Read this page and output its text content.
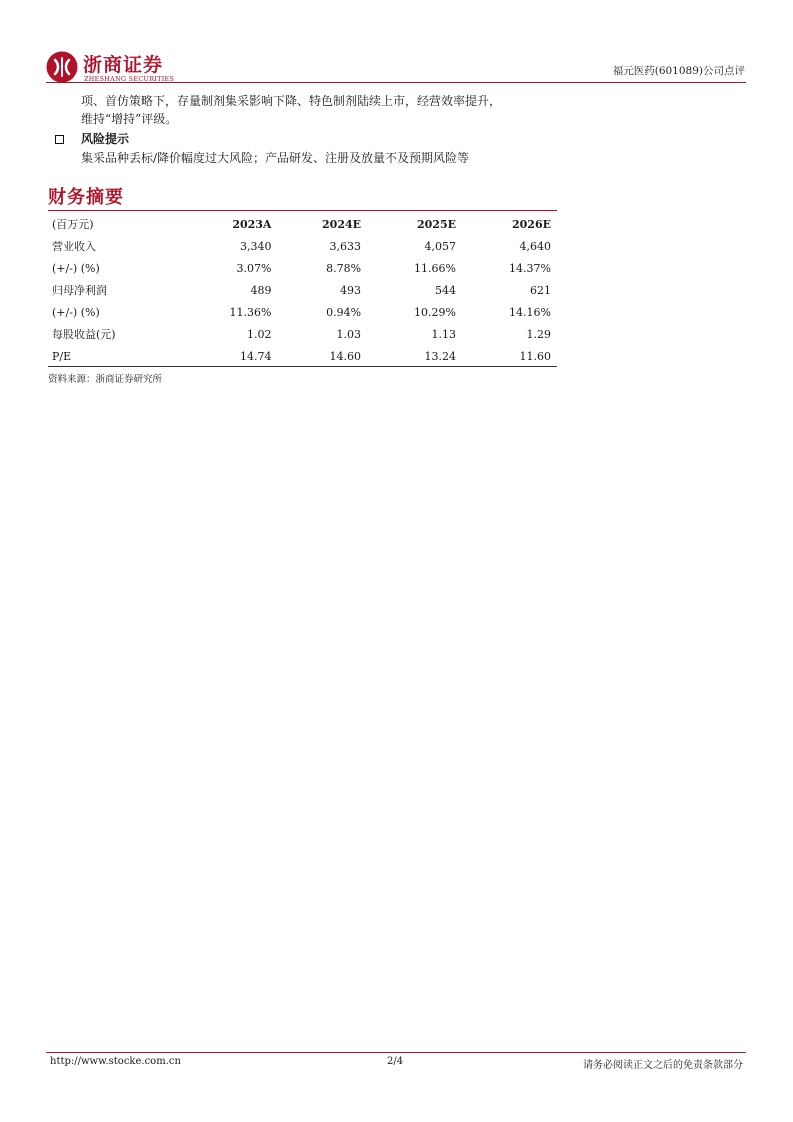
浙商证券
ZHESHANG SECURITIES
福元医药(601089)公司点评
项、首仿策略下，存量制剂集采影响下降、特色制剂陆续上市，经营效率提升，
维持“增持”评级。
风险提示
集采品种丢标/降价幅度过大风险；产品研发、注册及放量不及预期风险等
财务摘要
(百万元)	2023A	2024E	2025E	2026E
营业收入	3,340	3,633	4,057	4,640
(+/-) (%)	3.07%	8.78%	11.66%	14.37%
归母净利润	489	493	544	621
(+/-) (%)	11.36%	0.94%	10.29%	14.16%
每股收益(元)	1.02	1.03	1.13	1.29
P/E	14.74	14.60	13.24	11.60
资料来源：浙商证券研究所
http://www.stocke.com.cn	2/4	请务必阅读正文之后的免责条款部分
